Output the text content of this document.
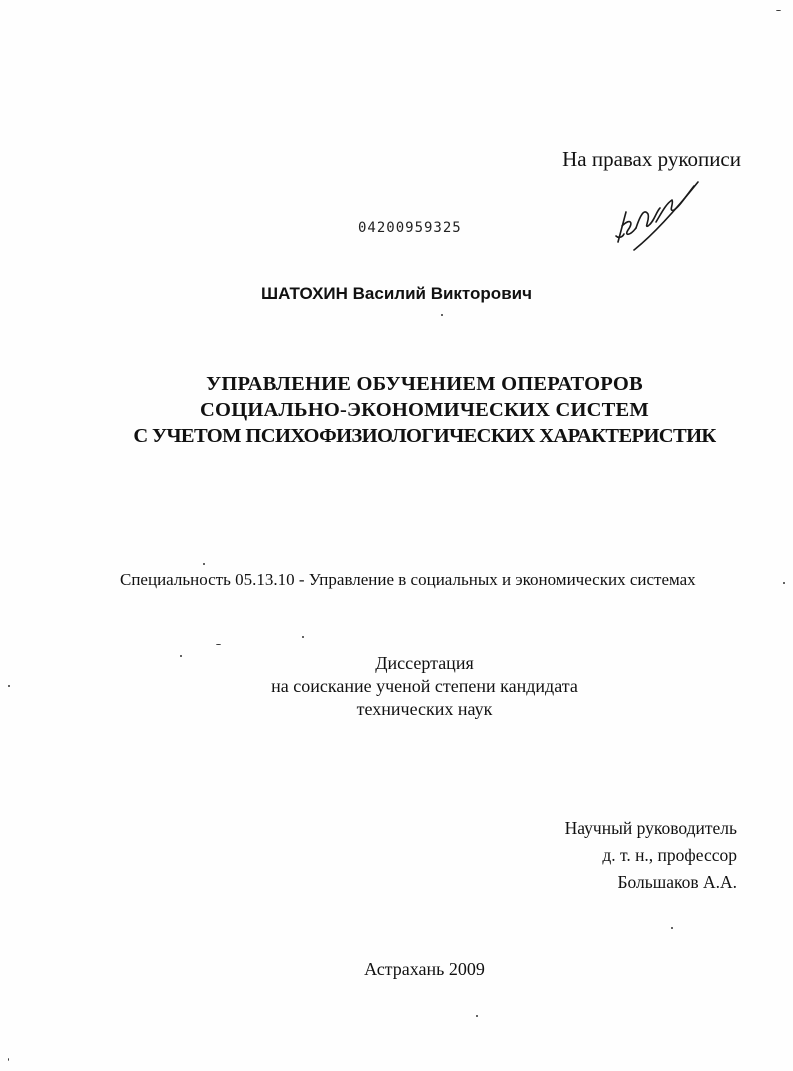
На правах рукописи
04200959325
ШАТОХИН Василий Викторович
УПРАВЛЕНИЕ ОБУЧЕНИЕМ ОПЕРАТОРОВ
СОЦИАЛЬНО-ЭКОНОМИЧЕСКИХ СИСТЕМ
С УЧЕТОМ ПСИХОФИЗИОЛОГИЧЕСКИХ ХАРАКТЕРИСТИК
Специальность 05.13.10 - Управление в социальных и экономических системах
Диссертация
на соискание ученой степени кандидата
технических наук
Научный руководитель
д. т. н., профессор
Большаков А.А.
Астрахань 2009
